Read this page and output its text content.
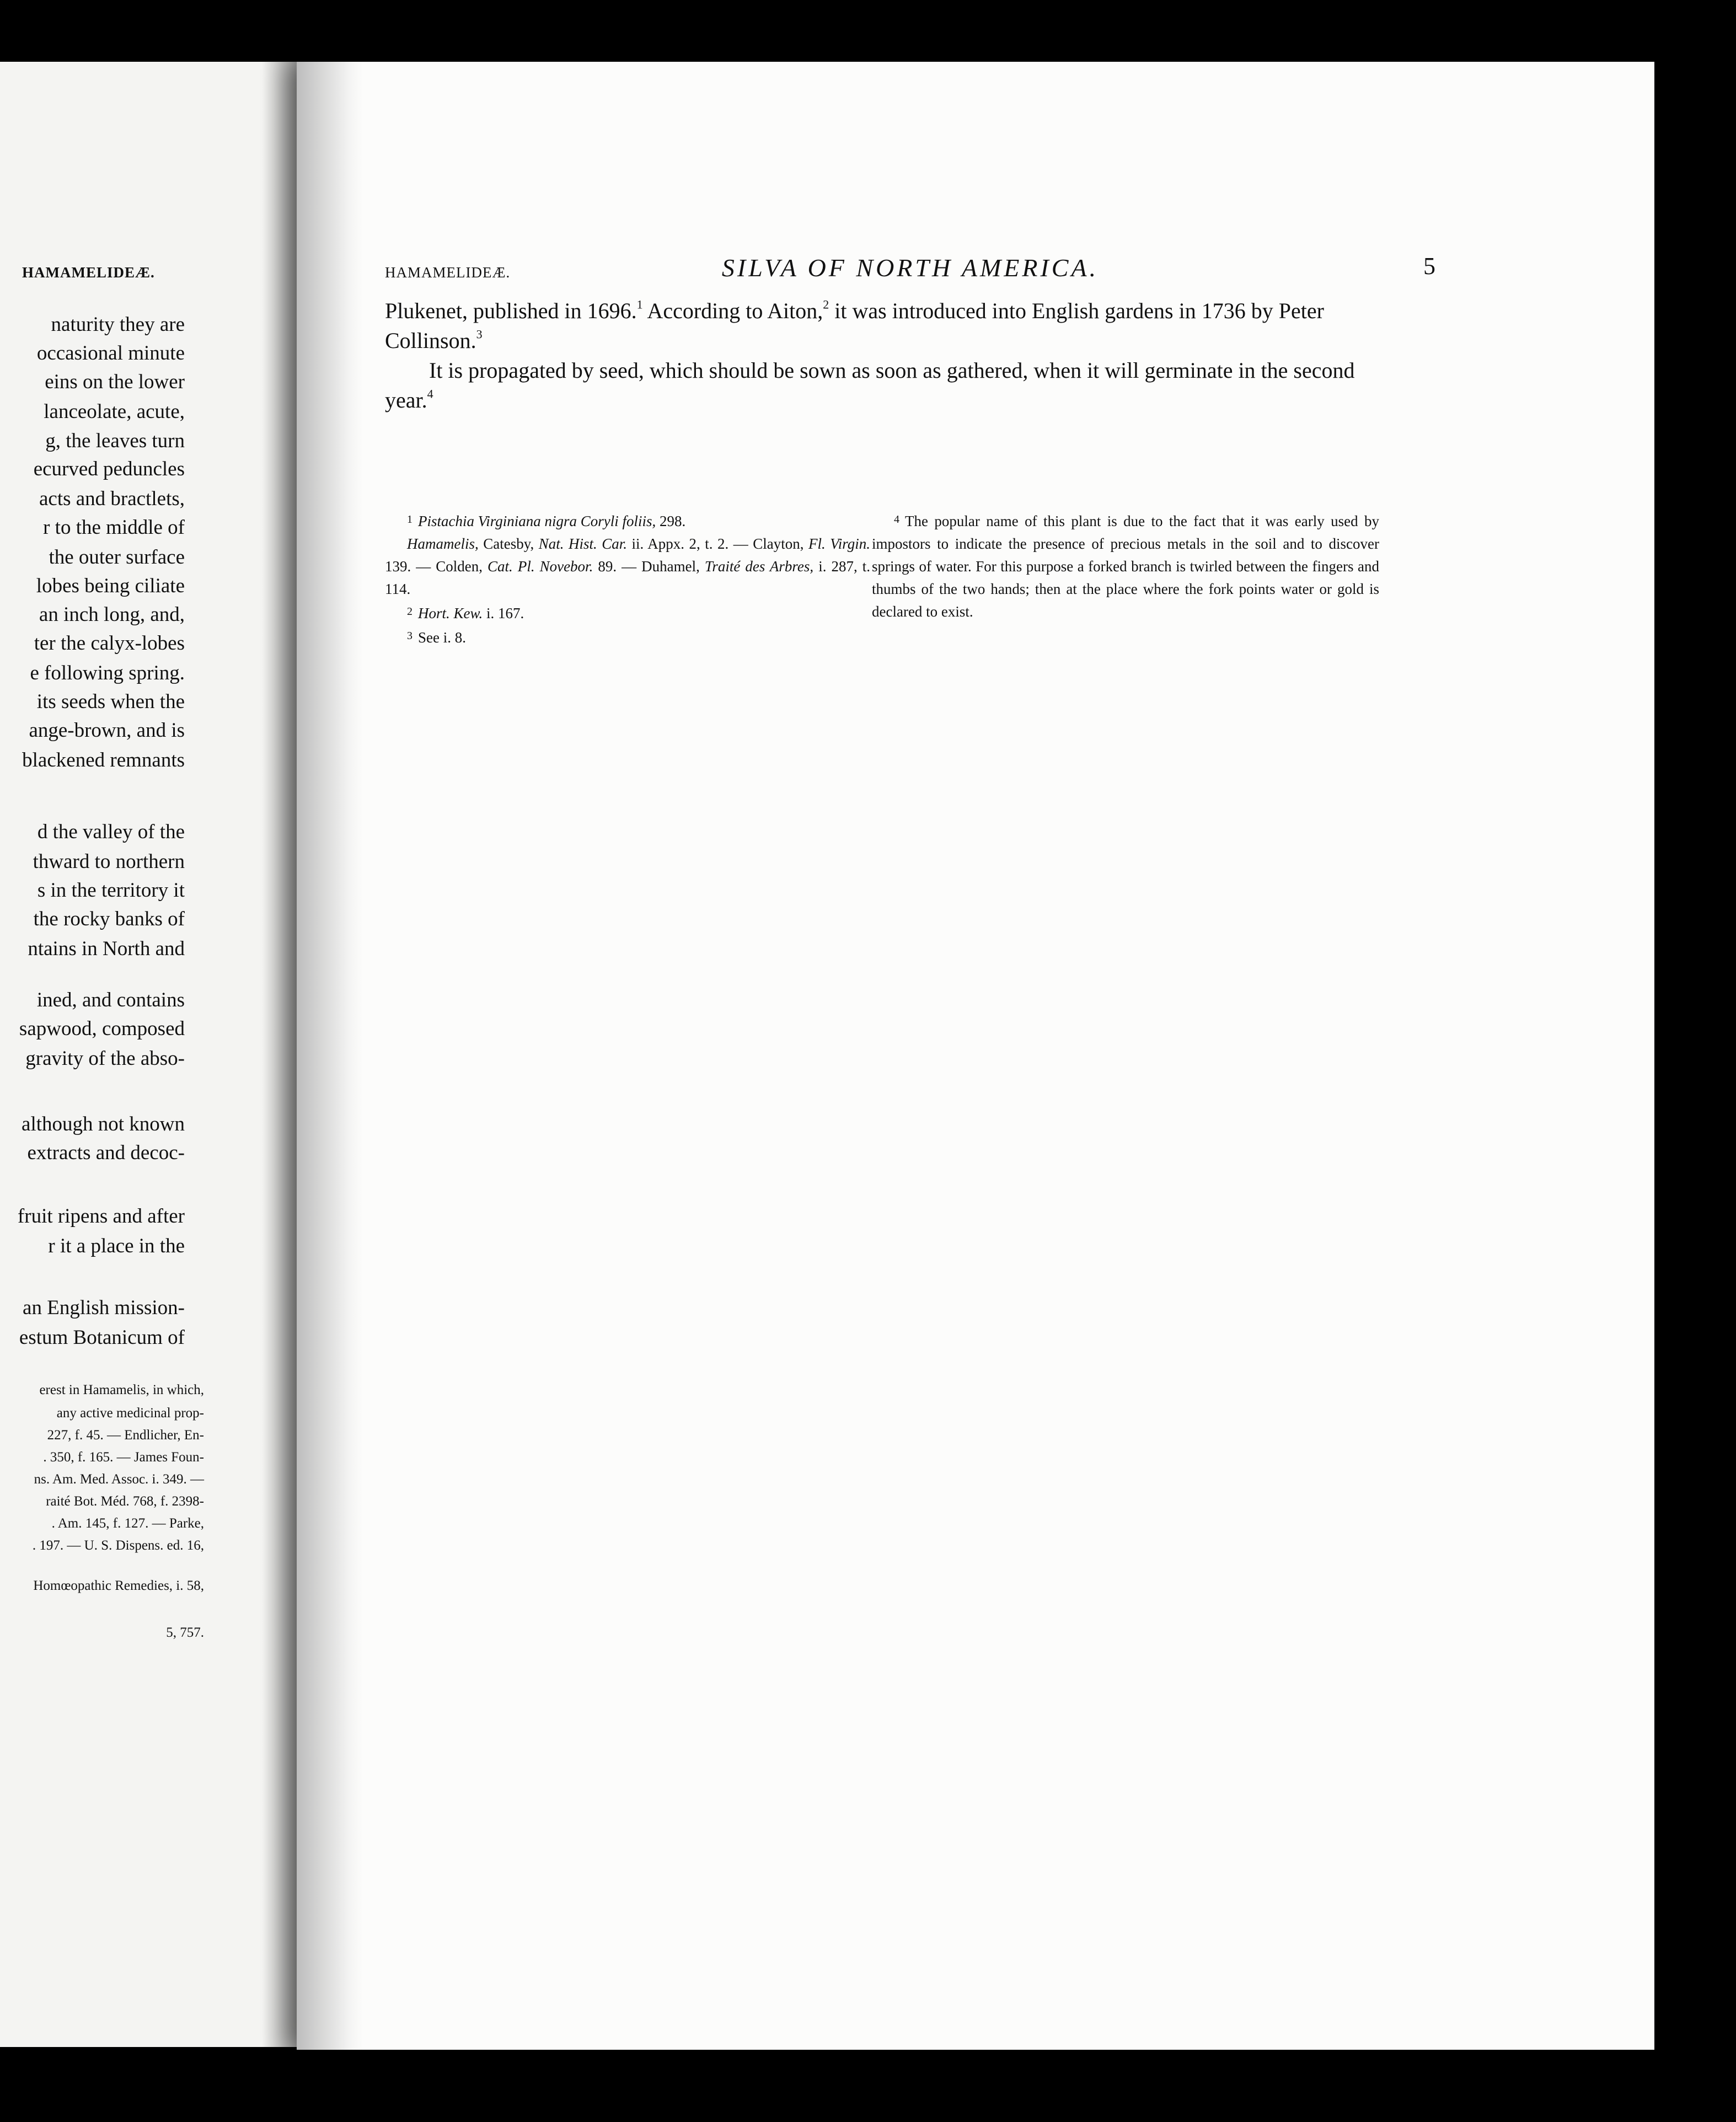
HAMAMELIDEÆ.
naturity they are
occasional minute
eins on the lower
lanceolate, acute,
g, the leaves turn
ecurved peduncles
acts and bractlets,
r to the middle of
the outer surface
lobes being ciliate
an inch long, and,
ter the calyx-lobes
e following spring.
its seeds when the
ange-brown, and is
blackened remnants
d the valley of the
thward to northern
s in the territory it
the rocky banks of
ntains in North and
ined, and contains
sapwood, composed
gravity of the abso-
although not known
extracts and decoc-
fruit ripens and after
r it a place in the
an English mission-
estum Botanicum of
erest in Hamamelis, in which,
any active medicinal prop-
227, f. 45. — Endlicher, En-
. 350, f. 165. — James Foun-
ns. Am. Med. Assoc. i. 349. —
raité Bot. Méd. 768, f. 2398-
. Am. 145, f. 127. — Parke,
. 197. — U. S. Dispens. ed. 16,
Homœopathic Remedies, i. 58,
5, 757.
HAMAMELIDEÆ.	SILVA OF NORTH AMERICA.	5

Plukenet, published in 1696.$^1$ According to Aiton,$^2$ it was introduced into English gardens in 1736 by Peter Collinson.$^3$

It is propagated by seed, which should be sown as soon as gathered, when it will germinate in the second year.$^4$

$^1$ Pistachia Virginiana nigra Coryli foliis, 298.

Hamamelis, Catesby, Nat. Hist. Car. ii. Appx. 2, t. 2. — Clayton, Fl. Virgin. 139. — Colden, Cat. Pl. Novebor. 89. — Duhamel, Traité des Arbres, i. 287, t. 114.

$^2$ Hort. Kew. i. 167.

$^3$ See i. 8.

$^4$ The popular name of this plant is due to the fact that it was early used by impostors to indicate the presence of precious metals in the soil and to discover springs of water. For this purpose a forked branch is twirled between the fingers and thumbs of the two hands; then at the place where the fork points water or gold is declared to exist.
